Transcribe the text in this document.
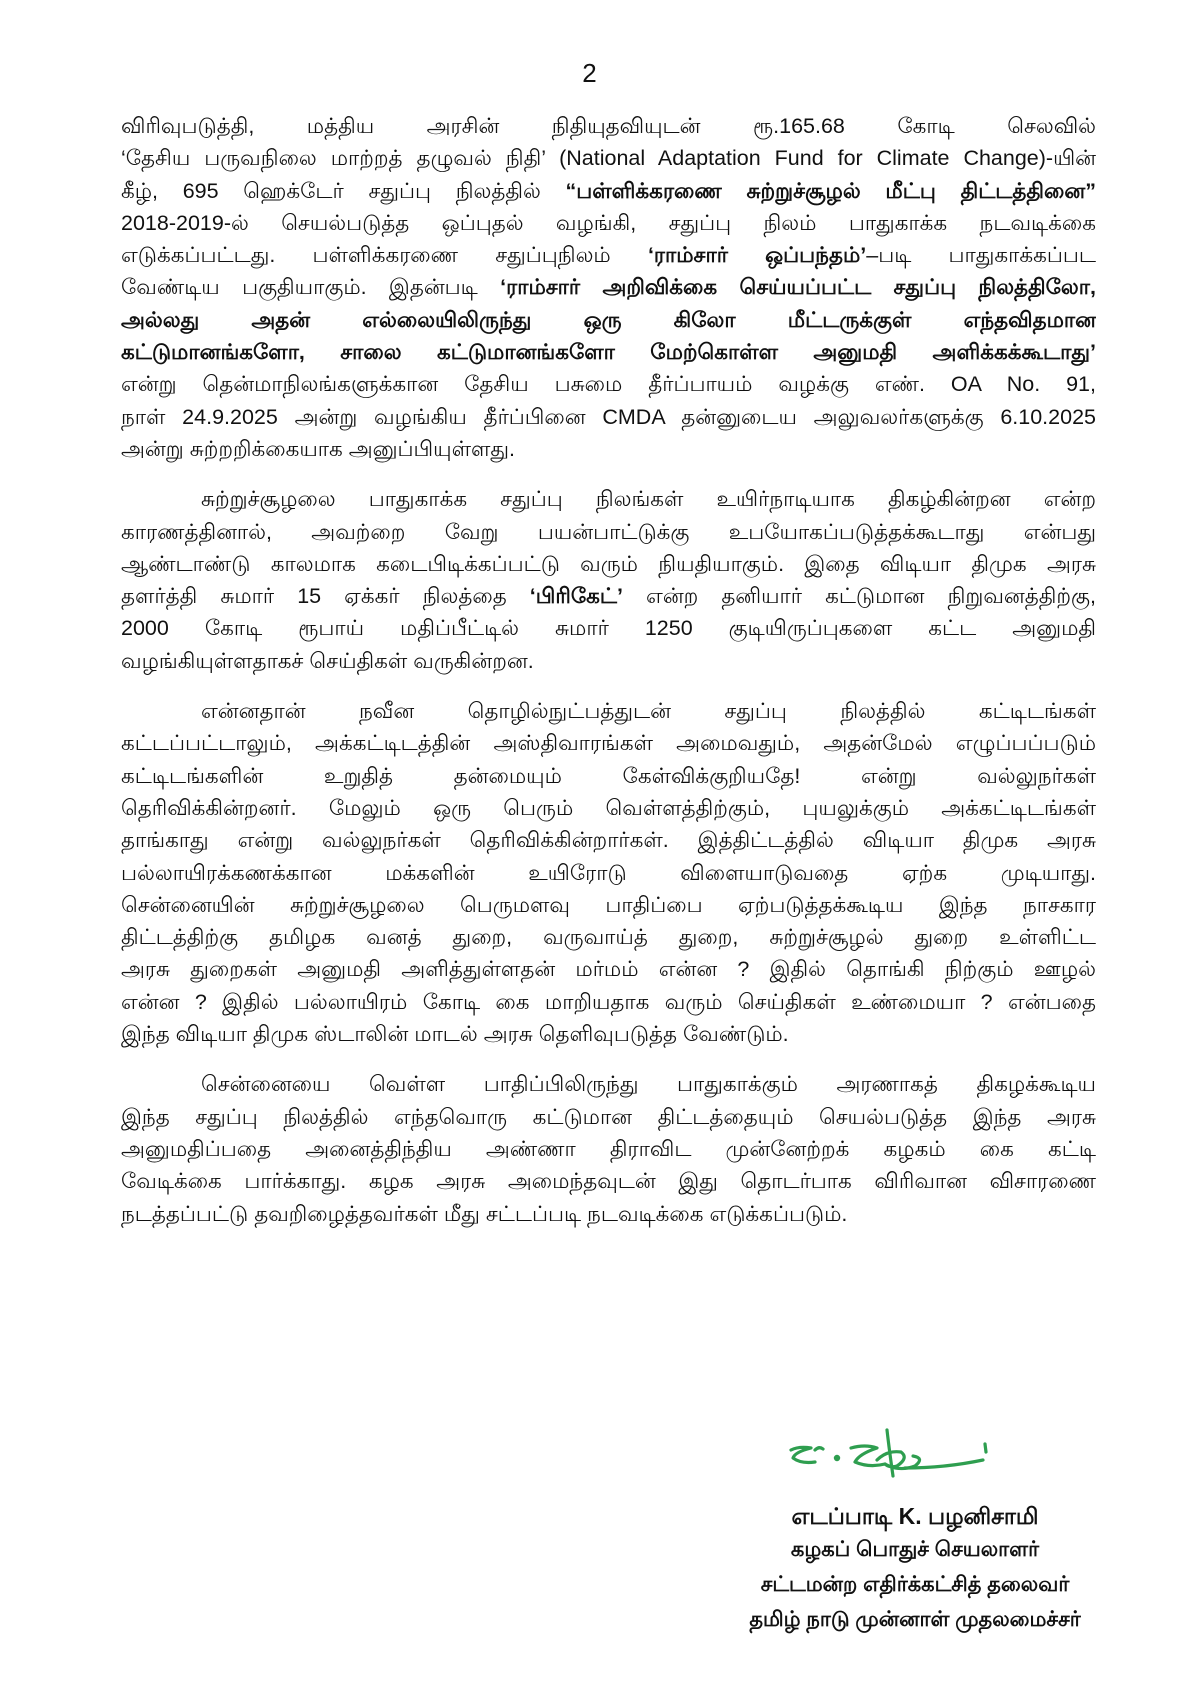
2
விரிவுபடுத்தி, மத்திய அரசின் நிதியுதவியுடன் ரூ.165.68 கோடி செலவில்
‘தேசிய பருவநிலை மாற்றத் தழுவல் நிதி’ (National Adaptation Fund for Climate Change)-யின்
கீழ், 695 ஹெக்டேர் சதுப்பு நிலத்தில் “பள்ளிக்கரணை சுற்றுச்சூழல் மீட்பு திட்டத்தினை”
2018-2019-ல் செயல்படுத்த ஒப்புதல் வழங்கி, சதுப்பு நிலம் பாதுகாக்க நடவடிக்கை
எடுக்கப்பட்டது. பள்ளிக்கரணை சதுப்புநிலம் ‘ராம்சார் ஒப்பந்தம்’–படி பாதுகாக்கப்பட
வேண்டிய பகுதியாகும். இதன்படி ‘ராம்சார் அறிவிக்கை செய்யப்பட்ட சதுப்பு நிலத்திலோ,
அல்லது அதன் எல்லையிலிருந்து ஒரு கிலோ மீட்டருக்குள் எந்தவிதமான
கட்டுமானங்களோ, சாலை கட்டுமானங்களோ மேற்கொள்ள அனுமதி அளிக்கக்கூடாது’
என்று தென்மாநிலங்களுக்கான தேசிய பசுமை தீர்ப்பாயம் வழக்கு எண். OA No. 91,
நாள் 24.9.2025 அன்று வழங்கிய தீர்ப்பினை CMDA தன்னுடைய அலுவலர்களுக்கு 6.10.2025
அன்று சுற்றறிக்கையாக அனுப்பியுள்ளது.
சுற்றுச்சூழலை பாதுகாக்க சதுப்பு நிலங்கள் உயிர்நாடியாக திகழ்கின்றன என்ற
காரணத்தினால், அவற்றை வேறு பயன்பாட்டுக்கு உபயோகப்படுத்தக்கூடாது என்பது
ஆண்டாண்டு காலமாக கடைபிடிக்கப்பட்டு வரும் நியதியாகும். இதை விடியா திமுக அரசு
தளர்த்தி சுமார் 15 ஏக்கர் நிலத்தை ‘பிரிகேட்’ என்ற தனியார் கட்டுமான நிறுவனத்திற்கு,
2000 கோடி ரூபாய் மதிப்பீட்டில் சுமார் 1250 குடியிருப்புகளை கட்ட அனுமதி
வழங்கியுள்ளதாகச் செய்திகள் வருகின்றன.
என்னதான் நவீன தொழில்நுட்பத்துடன் சதுப்பு நிலத்தில் கட்டிடங்கள்
கட்டப்பட்டாலும், அக்கட்டிடத்தின் அஸ்திவாரங்கள் அமைவதும், அதன்மேல் எழுப்பப்படும்
கட்டிடங்களின் உறுதித் தன்மையும் கேள்விக்குறியதே! என்று வல்லுநர்கள்
தெரிவிக்கின்றனர். மேலும் ஒரு பெரும் வெள்ளத்திற்கும், புயலுக்கும் அக்கட்டிடங்கள்
தாங்காது என்று வல்லுநர்கள் தெரிவிக்கின்றார்கள். இத்திட்டத்தில் விடியா திமுக அரசு
பல்லாயிரக்கணக்கான மக்களின் உயிரோடு விளையாடுவதை ஏற்க முடியாது.
சென்னையின் சுற்றுச்சூழலை பெருமளவு பாதிப்பை ஏற்படுத்தக்கூடிய இந்த நாசகார
திட்டத்திற்கு தமிழக வனத் துறை, வருவாய்த் துறை, சுற்றுச்சூழல் துறை உள்ளிட்ட
அரசு துறைகள் அனுமதி அளித்துள்ளதன் மர்மம் என்ன ? இதில் தொங்கி நிற்கும் ஊழல்
என்ன ? இதில் பல்லாயிரம் கோடி கை மாறியதாக வரும் செய்திகள் உண்மையா ? என்பதை
இந்த விடியா திமுக ஸ்டாலின் மாடல் அரசு தெளிவுபடுத்த வேண்டும்.
சென்னையை வெள்ள பாதிப்பிலிருந்து பாதுகாக்கும் அரணாகத் திகழக்கூடிய
இந்த சதுப்பு நிலத்தில் எந்தவொரு கட்டுமான திட்டத்தையும் செயல்படுத்த இந்த அரசு
அனுமதிப்பதை அனைத்திந்திய அண்ணா திராவிட முன்னேற்றக் கழகம் கை கட்டி
வேடிக்கை பார்க்காது. கழக அரசு அமைந்தவுடன் இது தொடர்பாக விரிவான விசாரணை
நடத்தப்பட்டு தவறிழைத்தவர்கள் மீது சட்டப்படி நடவடிக்கை எடுக்கப்படும்.
எடப்பாடி K. பழனிசாமி
கழகப் பொதுச் செயலாளர்
சட்டமன்ற எதிர்க்கட்சித் தலைவர்
தமிழ் நாடு முன்னாள் முதலமைச்சர்
